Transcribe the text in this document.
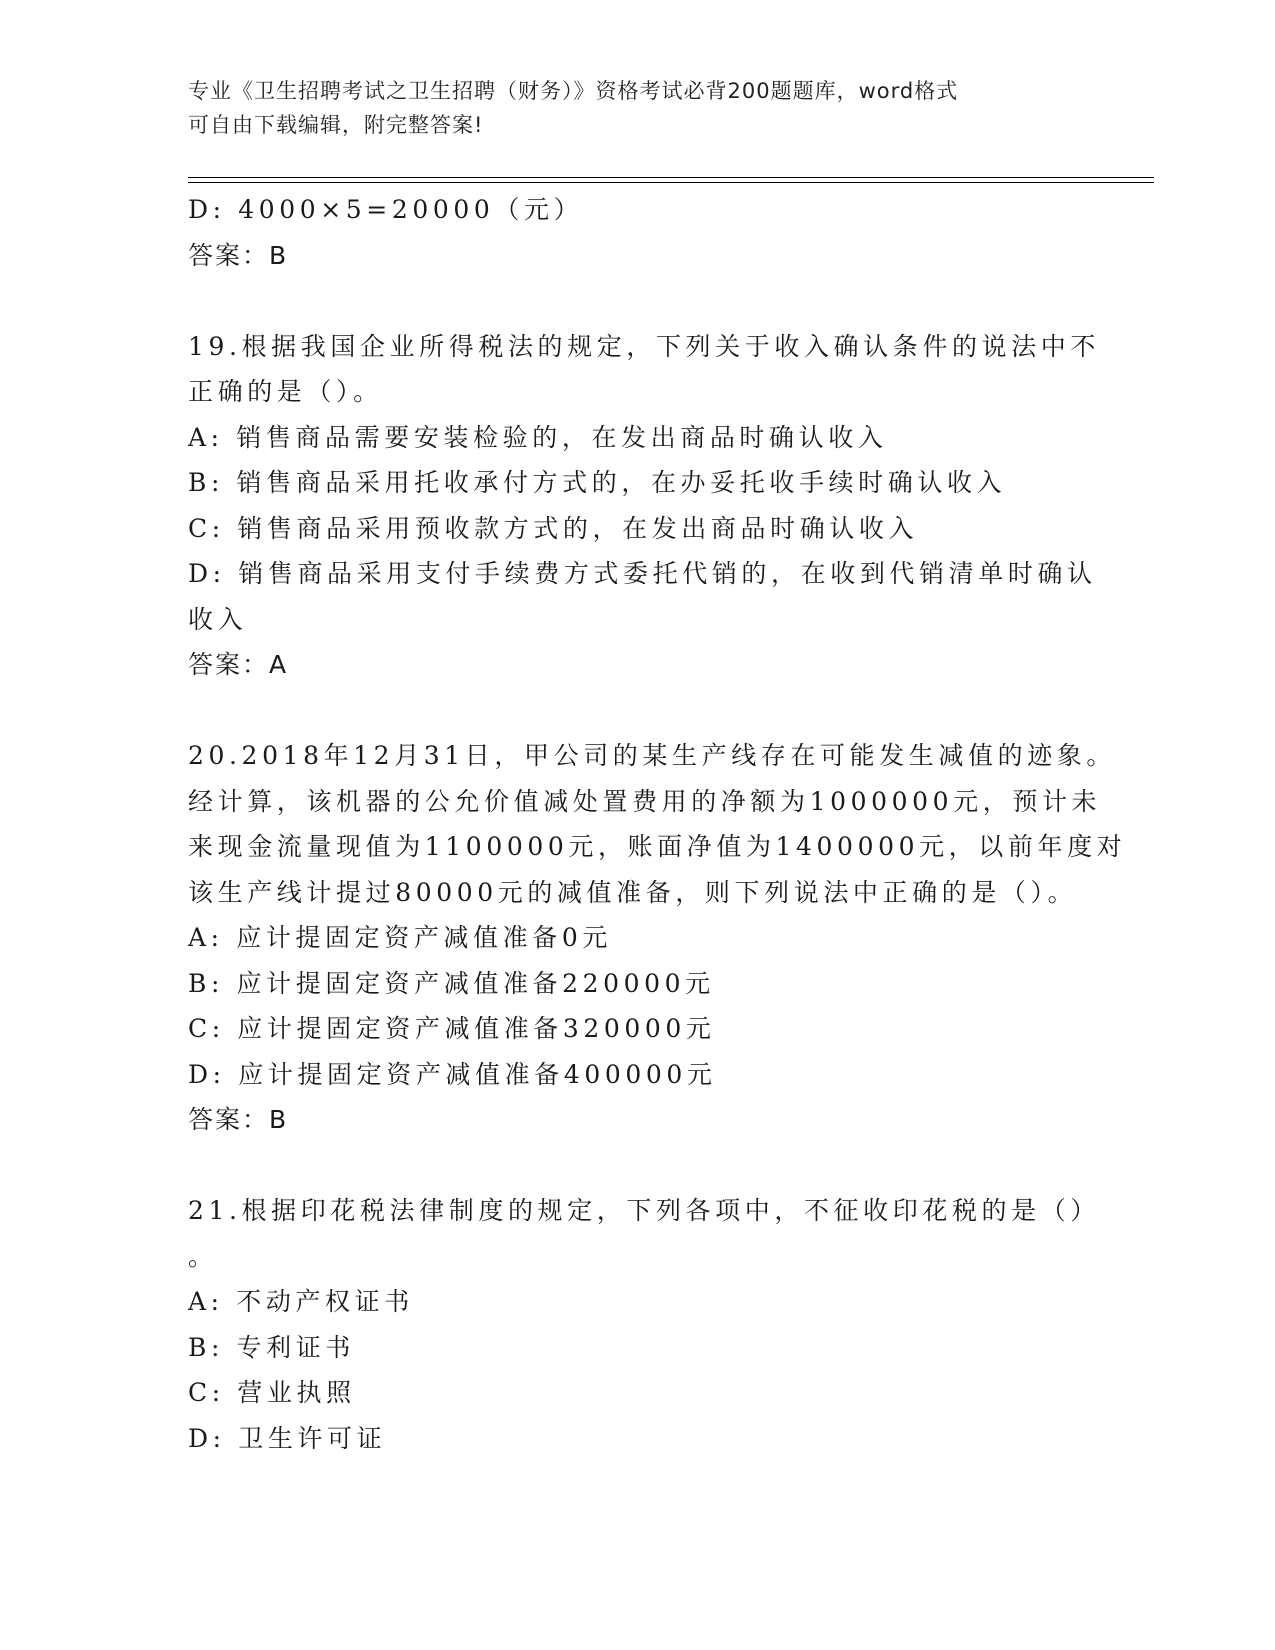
专业《卫生招聘考试之卫生招聘（财务）》资格考试必背200题题库，word格式
可自由下载编辑，附完整答案!
D: 4000×5=20000（元）
答案：B
19.根据我国企业所得税法的规定，下列关于收入确认条件的说法中不
正确的是（）。
A: 销售商品需要安装检验的，在发出商品时确认收入
B: 销售商品采用托收承付方式的，在办妥托收手续时确认收入
C: 销售商品采用预收款方式的，在发出商品时确认收入
D: 销售商品采用支付手续费方式委托代销的，在收到代销清单时确认
收入
答案：A
20.2018年12月31日，甲公司的某生产线存在可能发生减值的迹象。
经计算，该机器的公允价值减处置费用的净额为1000000元，预计未
来现金流量现值为1100000元，账面净值为1400000元，以前年度对
该生产线计提过80000元的减值准备，则下列说法中正确的是（）。
A: 应计提固定资产减值准备0元
B: 应计提固定资产减值准备220000元
C: 应计提固定资产减值准备320000元
D: 应计提固定资产减值准备400000元
答案：B
21.根据印花税法律制度的规定，下列各项中，不征收印花税的是（）
。
A: 不动产权证书
B: 专利证书
C: 营业执照
D: 卫生许可证
